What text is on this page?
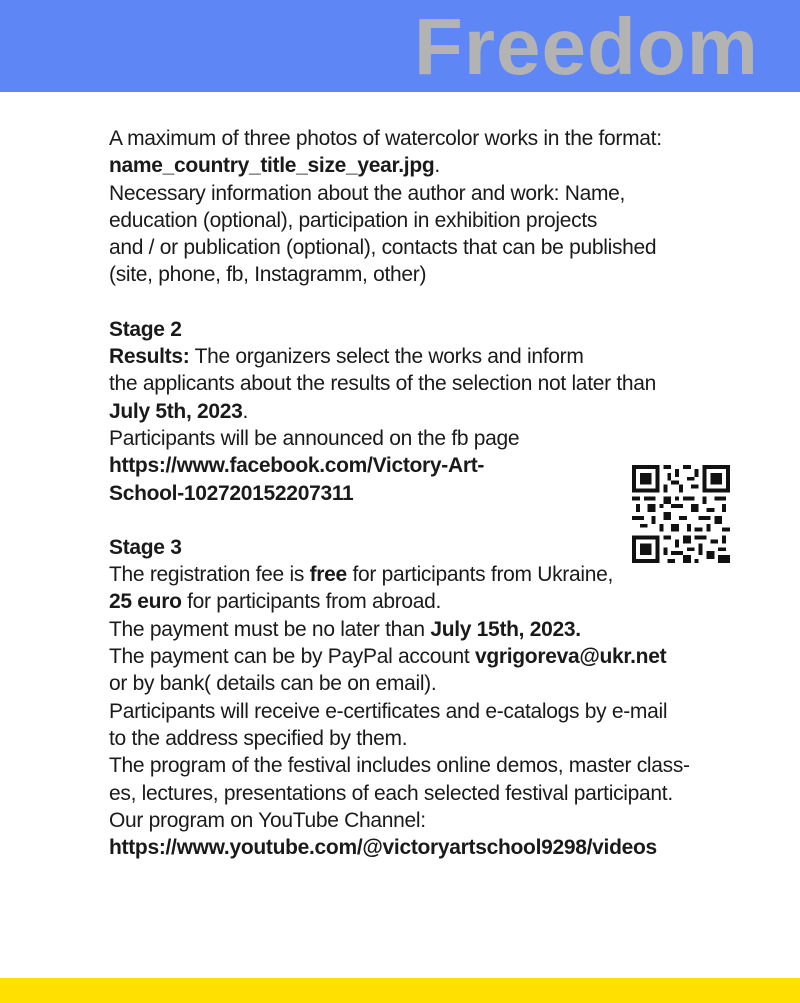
Freedom
A maximum of three photos of watercolor works in the format:
name_country_title_size_year.jpg.
Necessary information about the author and work: Name,
education (optional), participation in exhibition projects
and / or publication (optional), contacts that can be published
(site, phone, fb, Instagramm, other)
Stage 2
Results: The organizers select the works and inform
the applicants about the results of the selection not later than
July 5th, 2023.
Participants will be announced on the fb page
https://www.facebook.com/Victory-Art-
School-102720152207311
Stage 3
The registration fee is free for participants from Ukraine,
25 euro for participants from abroad.
The payment must be no later than July 15th, 2023.
The payment can be by PayPal account vgrigoreva@ukr.net
or by bank( details can be on email).
Participants will receive e-certificates and e-catalogs by e-mail
to the address specified by them.
The program of the festival includes online demos, master class-
es, lectures, presentations of each selected festival participant.
Our program on YouTube Channel:
https://www.youtube.com/@victoryartschool9298/videos
